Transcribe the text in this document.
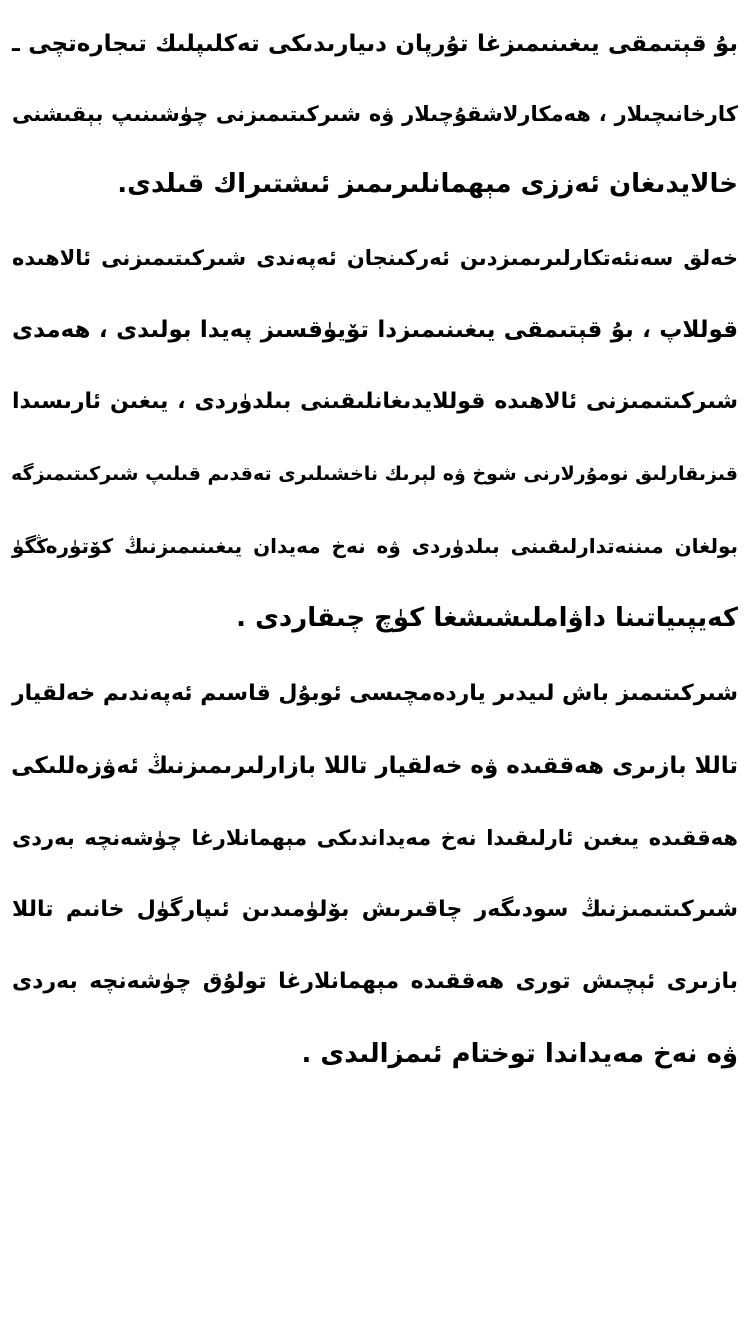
بۇ قېتىمقى يىغىنىمىزغا تۇرپان دىيارىدىكى تەكلىپلىك تىجارەتچى ـ
كارخانىچىلار ، ھەمكارلاشقۇچىلار ۋە شىركىتىمىزنى چۈشىنىپ بېقىشنى
خالايدىغان ئەززى مېھمانلىرىمىز ئىشتىراك قىلدى.
خەلق سەنئەتكارلىرىمىزدىن ئەركىنجان ئەپەندى شىركىتىمىزنى ئالاھىدە
قوللاپ ، بۇ قېتىمقى يىغىنىمىزدا تۆيۈقسىز پەيدا بولىدى ، ھەمدى
شىركىتىمىزنى ئالاھىدە قوللايدىغانلىقىنى بىلدۈردى ، يىغىن ئارىسىدا
قىزىقارلىق نومۇرلارنى شوخ ۋە لېرىك ناخشىلىرى تەقدىم قىلىپ شىركىتىمىزگە
بولغان مىننەتدارلىقىنى بىلدۈردى ۋە نەخ مەيدان يىغىنىمىزنىڭ كۆتۈرەڭگۈ
كەيپىياتىنا داۋاملىشىشغا كۈچ چىقاردى .
شىركىتىمىز باش لىيدىر ياردەمچىسى ئوبۇل قاسىم ئەپەندىم خەلقيار
تاللا بازىرى ھەققىدە ۋە خەلقيار تاللا بازارلىرىمىزنىڭ ئەۋزەللىكى
ھەققىدە يىغىن ئارلىقىدا نەخ مەيداندىكى مېھمانلارغا چۈشەنچە بەردى
شىركىتىمىزنىڭ سودىگەر چاقىرىش بۆلۈمىدىن ئىپارگۈل خانىم تاللا
بازىرى ئېچىش تورى ھەققىدە مېھمانلارغا تولۇق چۈشەنچە بەردى
ۋە نەخ مەيداندا توختام ئىمزالىدى .
